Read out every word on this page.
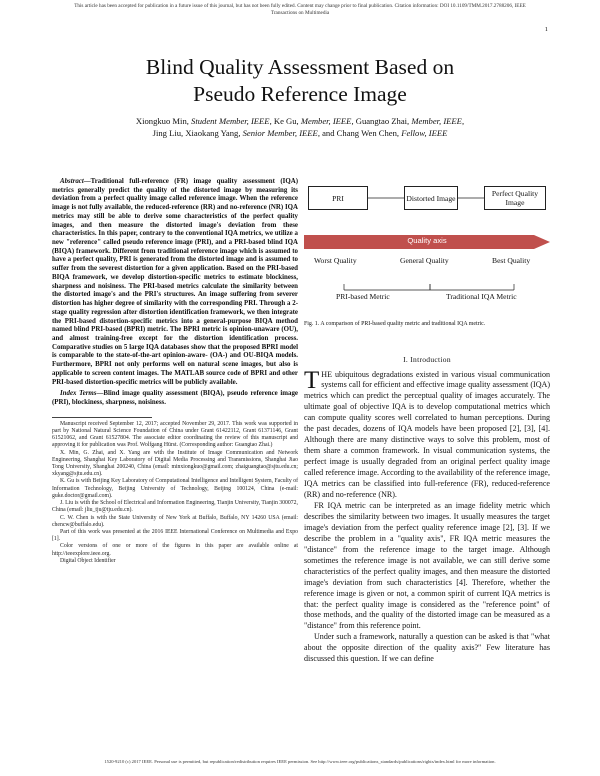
This article has been accepted for publication in a future issue of this journal, but has not been fully edited. Content may change prior to final publication. Citation information: DOI 10.1109/TMM.2017.2788206, IEEE
Transactions on Multimedia
1
Blind Quality Assessment Based on
Pseudo Reference Image
Xiongkuo Min, Student Member, IEEE, Ke Gu, Member, IEEE, Guangtao Zhai, Member, IEEE,
Jing Liu, Xiaokang Yang, Senior Member, IEEE, and Chang Wen Chen, Fellow, IEEE

Abstract—Traditional full-reference (FR) image quality assessment (IQA) metrics generally predict the quality of the distorted image by measuring its deviation from a perfect quality image called reference image. When the reference image is not fully available, the reduced-reference (RR) and no-reference (NR) IQA metrics may still be able to derive some characteristics of the perfect quality images, and then measure the distorted image's deviation from these characteristics. In this paper, contrary to the conventional IQA metrics, we utilize a new "reference" called pseudo reference image (PRI), and a PRI-based blind IQA (BIQA) framework. Different from traditional reference image which is assumed to have a perfect quality, PRI is generated from the distorted image and is assumed to suffer from the severest distortion for a given application. Based on the PRI-based BIQA framework, we develop distortion-specific metrics to estimate blockiness, sharpness and noisiness. The PRI-based metrics calculate the similarity between the distorted image's and the PRI's structures. An image suffering from severer distortion has higher degree of similarity with the corresponding PRI. Through a 2-stage quality regression after distortion identification framework, we then integrate the PRI-based distortion-specific metrics into a general-purpose BIQA method named blind PRI-based (BPRI) metric. The BPRI metric is opinion-unaware (OU), and almost training-free except for the distortion identification process. Comparative studies on 5 large IQA databases show that the proposed BPRI model is comparable to the state-of-the-art opinion-aware- (OA-) and OU-BIQA models. Furthermore, BPRI not only performs well on natural scene images, but also is applicable to screen content images. The MATLAB source code of BPRI and other PRI-based distortion-specific metrics will be publicly available.

Index Terms—Blind image quality assessment (BIQA), pseudo reference image (PRI), blockiness, sharpness, noisiness.

Manuscript received September 12, 2017; accepted November 29, 2017. This work was supported in part by National Natural Science Foundation of China under Grant 61422112, Grant 61371146, Grant 61521062, and Grant 61527804. The associate editor coordinating the review of this manuscript and approving it for publication was Prof. Wolfgang Hürst. (Corresponding author: Guangtao Zhai.)

X. Min, G. Zhai, and X. Yang are with the Institute of Image Communication and Network Engineering, Shanghai Key Laboratory of Digital Media Processing and Transmissions, Shanghai Jiao Tong University, Shanghai 200240, China (email: minxiongkuo@gmail.com; zhaiguangtao@sjtu.edu.cn; xkyang@sjtu.edu.cn).

K. Gu is with Beijing Key Laboratory of Computational Intelligence and Intelligent System, Faculty of Information Technology, Beijing University of Technology, Beijing 100124, China (e-mail: guke.doctor@gmail.com).

J. Liu is with the School of Electrical and Information Engineering, Tianjin University, Tianjin 300072, China (email: jliu_tju@tju.edu.cn).

C. W. Chen is with the State University of New York at Buffalo, Buffalo, NY 14260 USA (email: chencw@buffalo.edu).

Part of this work was presented at the 2016 IEEE International Conference on Multimedia and Expo [1].

Color versions of one or more of the figures in this paper are available online at http://ieeexplore.ieee.org.

Digital Object Identifier

PRI	Distorted Image	Perfect Quality Image
Quality axis
Worst Quality	General Quality	Best Quality
PRI-based Metric	Traditional IQA Metric

Fig. 1. A comparison of PRI-based quality metric and traditional IQA metric.

I. Introduction

THE ubiquitous degradations existed in various visual communication systems call for efficient and effective image quality assessment (IQA) metrics which can predict the perceptual quality of images accurately. The ultimate goal of objective IQA is to develop computational metrics which can compute quality scores well correlated to human perceptions. During the past decades, dozens of IQA models have been proposed [2], [3], [4]. Although there are many distinctive ways to solve this problem, most of them share a common framework. In visual communication systems, the perfect image is usually degraded from an original perfect quality image called reference image. According to the availability of the reference image, IQA metrics can be classified into full-reference (FR), reduced-reference (RR) and no-reference (NR).

FR IQA metric can be interpreted as an image fidelity metric which describes the similarity between two images. It usually measures the target image's deviation from the perfect quality reference image [2], [3]. If we describe the problem in a "quality axis", FR IQA metric measures the "distance" from the reference image to the target image. Although sometimes the reference image is not available, we can still derive some characteristics of the perfect quality images, and then measure the distorted image's deviation from such characteristics [4]. Therefore, whether the reference image is given or not, a common spirit of current IQA metrics is that: the perfect quality image is considered as the "reference point" of those methods, and the quality of the distorted image can be measured as a "distance" from this reference point.

Under such a framework, naturally a question can be asked is that "what about the opposite direction of the quality axis?" Few literature has discussed this question. If we can define

1520-9210 (c) 2017 IEEE. Personal use is permitted, but republication/redistribution requires IEEE permission. See http://www.ieee.org/publications_standards/publications/rights/index.html for more information.
